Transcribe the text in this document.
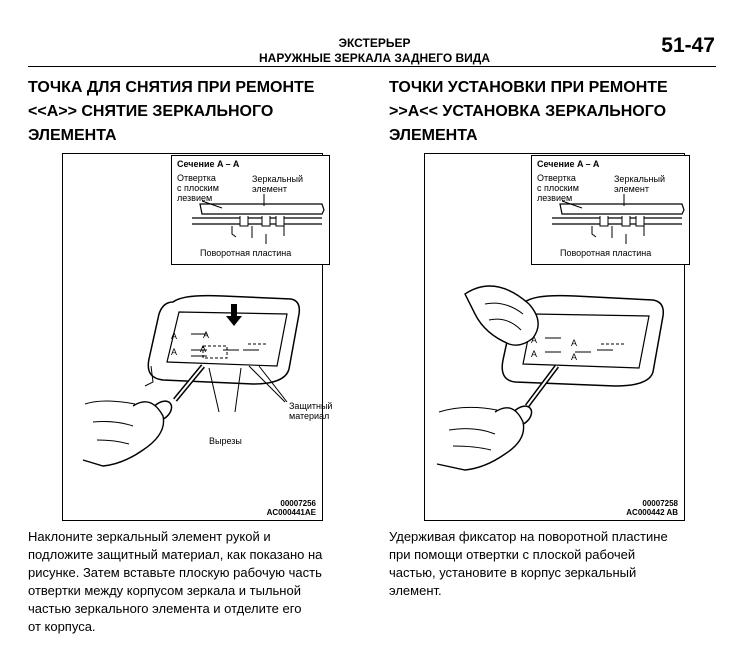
ЭКСТЕРЬЕР
НАРУЖНЫЕ ЗЕРКАЛА ЗАДНЕГО ВИДА
51-47
ТОЧКА ДЛЯ СНЯТИЯ ПРИ РЕМОНТЕ
<<A>> СНЯТИЕ ЗЕРКАЛЬНОГО
ЭЛЕМЕНТА
Сечение A – A
Отвертка
с плоским
лезвием
Зеркальный
элемент
Поворотная пластина
A
A
A
A
Защитный
материал
Вырезы
00007256
AC000441AE
Наклоните зеркальный элемент рукой и
подложите защитный материал, как показано на
рисунке. Затем вставьте плоскую рабочую часть
отвертки между корпусом зеркала и тыльной
частью зеркального элемента и отделите его
от корпуса.
ТОЧКИ УСТАНОВКИ ПРИ РЕМОНТЕ
>>A<< УСТАНОВКА ЗЕРКАЛЬНОГО
ЭЛЕМЕНТА
Сечение A – A
Отвертка
с плоским
лезвием
Зеркальный
элемент
Поворотная пластина
A
A
A
A
00007258
AC000442 AB
Удерживая фиксатор на поворотной пластине
при помощи отвертки с плоской рабочей
частью, установите в корпус зеркальный
элемент.
